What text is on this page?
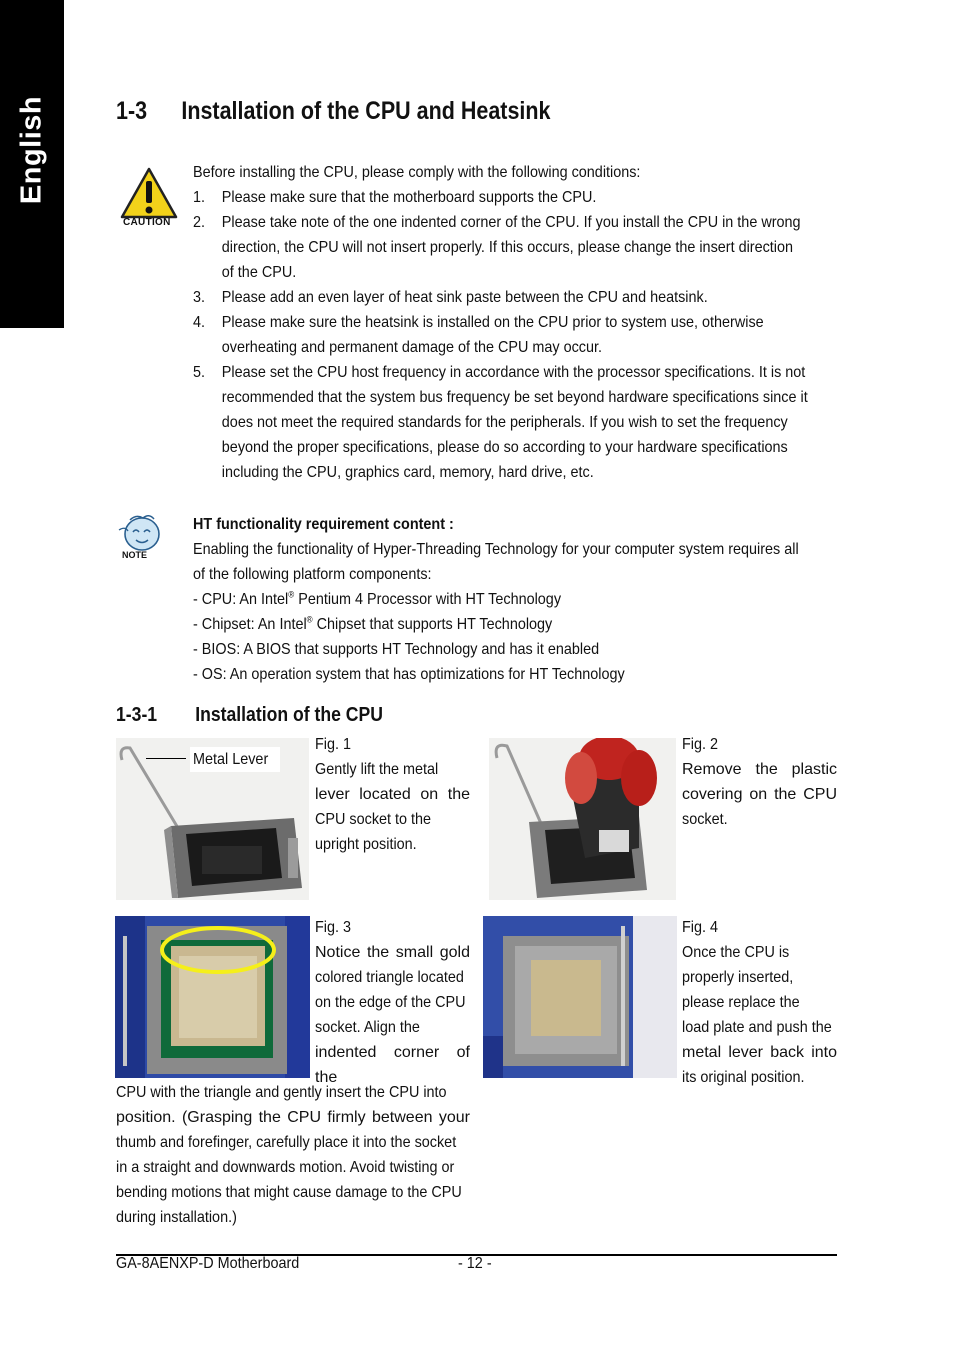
English	1-3 Installation of the CPU and Heatsink
CAUTION
Before installing the CPU, please comply with the following conditions:
1.	Please make sure that the motherboard supports the CPU.
2.	Please take note of the one indented corner of the CPU. If you install the CPU in the wrong
direction, the CPU will not insert properly. If this occurs, please change the insert direction
of the CPU.
3.	Please add an even layer of heat sink paste between the CPU and heatsink.
4.	Please make sure the heatsink is installed on the CPU prior to system use, otherwise
overheating and permanent damage of the CPU may occur.
5.	Please set the CPU host frequency in accordance with the processor specifications. It is not
recommended that the system bus frequency be set beyond hardware specifications since it
does not meet the required standards for the peripherals. If you wish to set the frequency
beyond the proper specifications, please do so according to your hardware specifications
including the CPU, graphics card, memory, hard drive, etc.
NOTE
HT functionality requirement content :
Enabling the functionality of Hyper-Threading Technology for your computer system requires all
of the following platform components:
- CPU: An Intel® Pentium 4 Processor with HT Technology
- Chipset: An Intel® Chipset that supports HT Technology
- BIOS: A BIOS that supports HT Technology and has it enabled
- OS: An operation system that has optimizations for HT Technology
1-3-1 Installation of the CPU
Metal Lever
Fig. 1
Gently lift the metal
lever located on the
CPU socket to the
upright position.
Fig. 2
Remove the plastic
covering on the CPU
socket.
Fig. 3
Notice the small gold
colored triangle located
on the edge of the CPU
socket. Align the
indented corner of the
CPU with the triangle and gently insert the CPU into
position. (Grasping the CPU firmly between your
thumb and forefinger, carefully place it into the socket
in a straight and downwards motion. Avoid twisting or
bending motions that might cause damage to the CPU
during installation.)
Fig. 4
Once the CPU is
properly inserted,
please replace the
load plate and push the
metal lever back into
its original position.
GA-8AENXP-D Motherboard	- 12 -
